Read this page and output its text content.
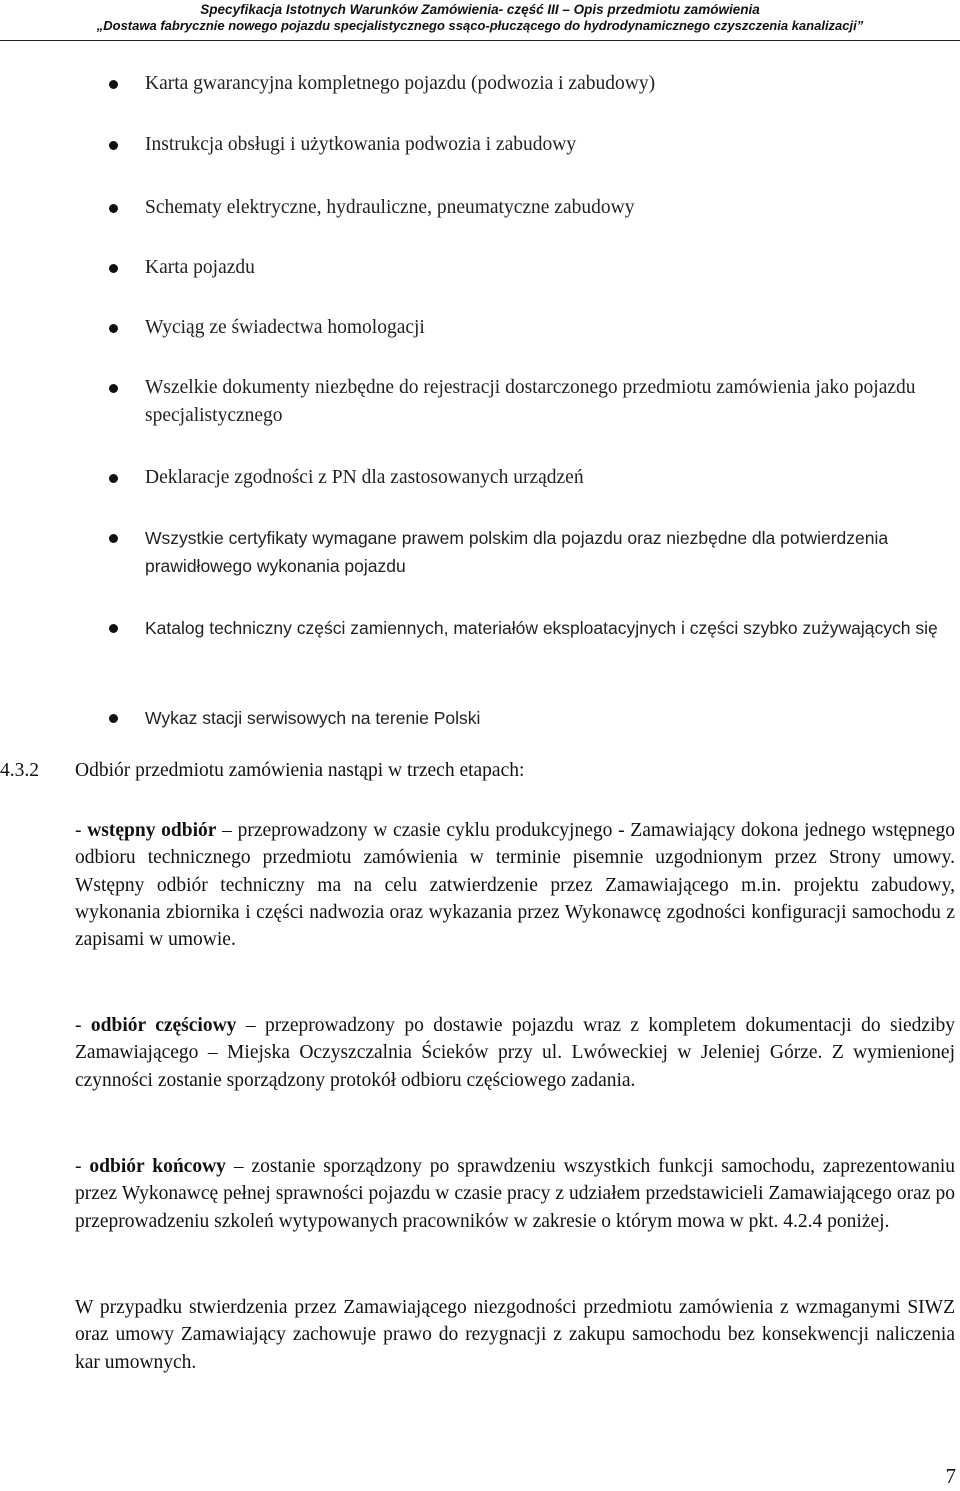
Specyfikacja Istotnych Warunków Zamówienia- część III – Opis przedmiotu zamówienia
„Dostawa fabrycznie nowego pojazdu specjalistycznego ssąco-płuczącego do hydrodynamicznego czyszczenia kanalizacji”
Karta gwarancyjna kompletnego pojazdu (podwozia i zabudowy)
Instrukcja obsługi i użytkowania podwozia i zabudowy
Schematy elektryczne, hydrauliczne, pneumatyczne zabudowy
Karta pojazdu
Wyciąg ze świadectwa homologacji
Wszelkie dokumenty niezbędne do rejestracji dostarczonego przedmiotu zamówienia jako pojazdu specjalistycznego
Deklaracje zgodności z PN dla zastosowanych urządzeń
Wszystkie certyfikaty wymagane prawem polskim dla pojazdu oraz niezbędne dla potwierdzenia prawidłowego wykonania pojazdu
Katalog techniczny części zamiennych, materiałów eksploatacyjnych i części szybko zużywających się
Wykaz stacji serwisowych na terenie Polski
4.3.2 Odbiór przedmiotu zamówienia nastąpi w trzech etapach:

- wstępny odbiór – przeprowadzony w czasie cyklu produkcyjnego - Zamawiający dokona jednego wstępnego odbioru technicznego przedmiotu zamówienia w terminie pisemnie uzgodnionym przez Strony umowy. Wstępny odbiór techniczny ma na celu zatwierdzenie przez Zamawiającego m.in. projektu zabudowy, wykonania zbiornika i części nadwozia oraz wykazania przez Wykonawcę zgodności konfiguracji samochodu z zapisami w umowie.

- odbiór częściowy – przeprowadzony po dostawie pojazdu wraz z kompletem dokumentacji do siedziby Zamawiającego – Miejska Oczyszczalnia Ścieków przy ul. Lwóweckiej w Jeleniej Górze. Z wymienionej czynności zostanie sporządzony protokół odbioru częściowego zadania.

- odbiór końcowy – zostanie sporządzony po sprawdzeniu wszystkich funkcji samochodu, zaprezentowaniu przez Wykonawcę pełnej sprawności pojazdu w czasie pracy z udziałem przedstawicieli Zamawiającego oraz po przeprowadzeniu szkoleń wytypowanych pracowników w zakresie o którym mowa w pkt. 4.2.4 poniżej.

W przypadku stwierdzenia przez Zamawiającego niezgodności przedmiotu zamówienia z wzmaganymi SIWZ oraz umowy Zamawiający zachowuje prawo do rezygnacji z zakupu samochodu bez konsekwencji naliczenia kar umownych.

7
